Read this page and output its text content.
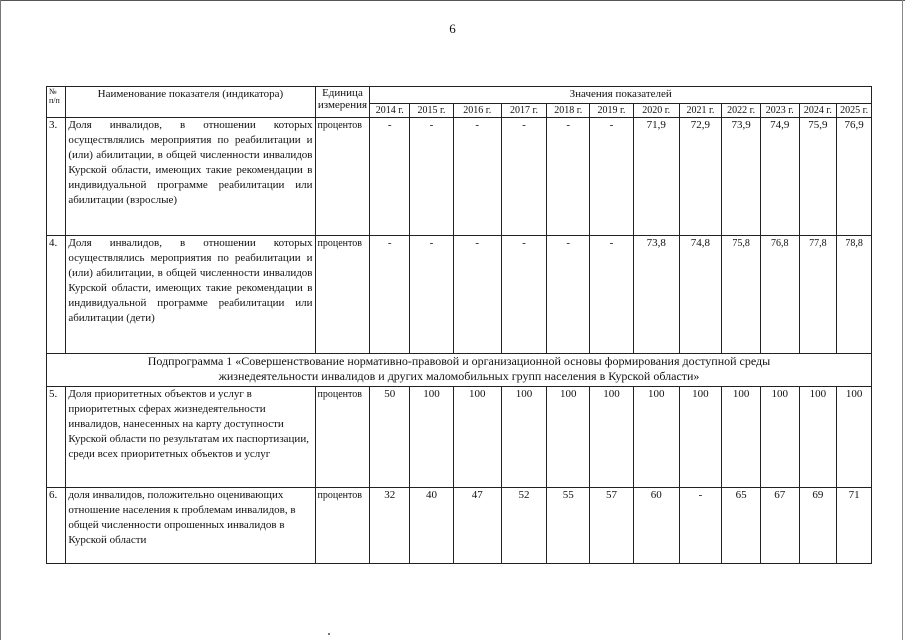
6
№ п/п	Наименование показателя (индикатора)	Единица измерения	Значения показателей											
			2014 г.	2015 г.	2016 г.	2017 г.	2018 г.	2019 г.	2020 г.	2021 г.	2022 г.	2023 г.	2024 г.	2025 г.
3.	Доля инвалидов, в отношении которых осуществлялись мероприятия по реабилитации и (или) абилитации, в общей численности инвалидов Курской области, имеющих такие рекомендации в индивидуальной программе реабилитации или абилитации (взрослые)	процентов	-	-	-	-	-	-	71,9	72,9	73,9	74,9	75,9	76,9
4.	Доля инвалидов, в отношении которых осуществлялись мероприятия по реабилитации и (или) абилитации, в общей численности инвалидов Курской области, имеющих такие рекомендации в индивидуальной программе реабилитации или абилитации (дети)	процентов	-	-	-	-	-	-	73,8	74,8	75,8	76,8	77,8	78,8

Подпрограмма 1 «Совершенствование нормативно-правовой и организационной основы формирования доступной среды
жизнедеятельности инвалидов и других маломобильных групп населения в Курской области»														

5.	Доля приоритетных объектов и услуг в приоритетных сферах жизнедеятельности инвалидов, нанесенных на карту доступности Курской области по результатам их паспортизации, среди всех приоритетных объектов и услуг	процентов	50	100	100	100	100	100	100	100	100	100	100	100
6.	доля инвалидов, положительно оценивающих отношение населения к проблемам инвалидов, в общей численности опрошенных инвалидов в Курской области	процентов	32	40	47	52	55	57	60	-	65	67	69	71
